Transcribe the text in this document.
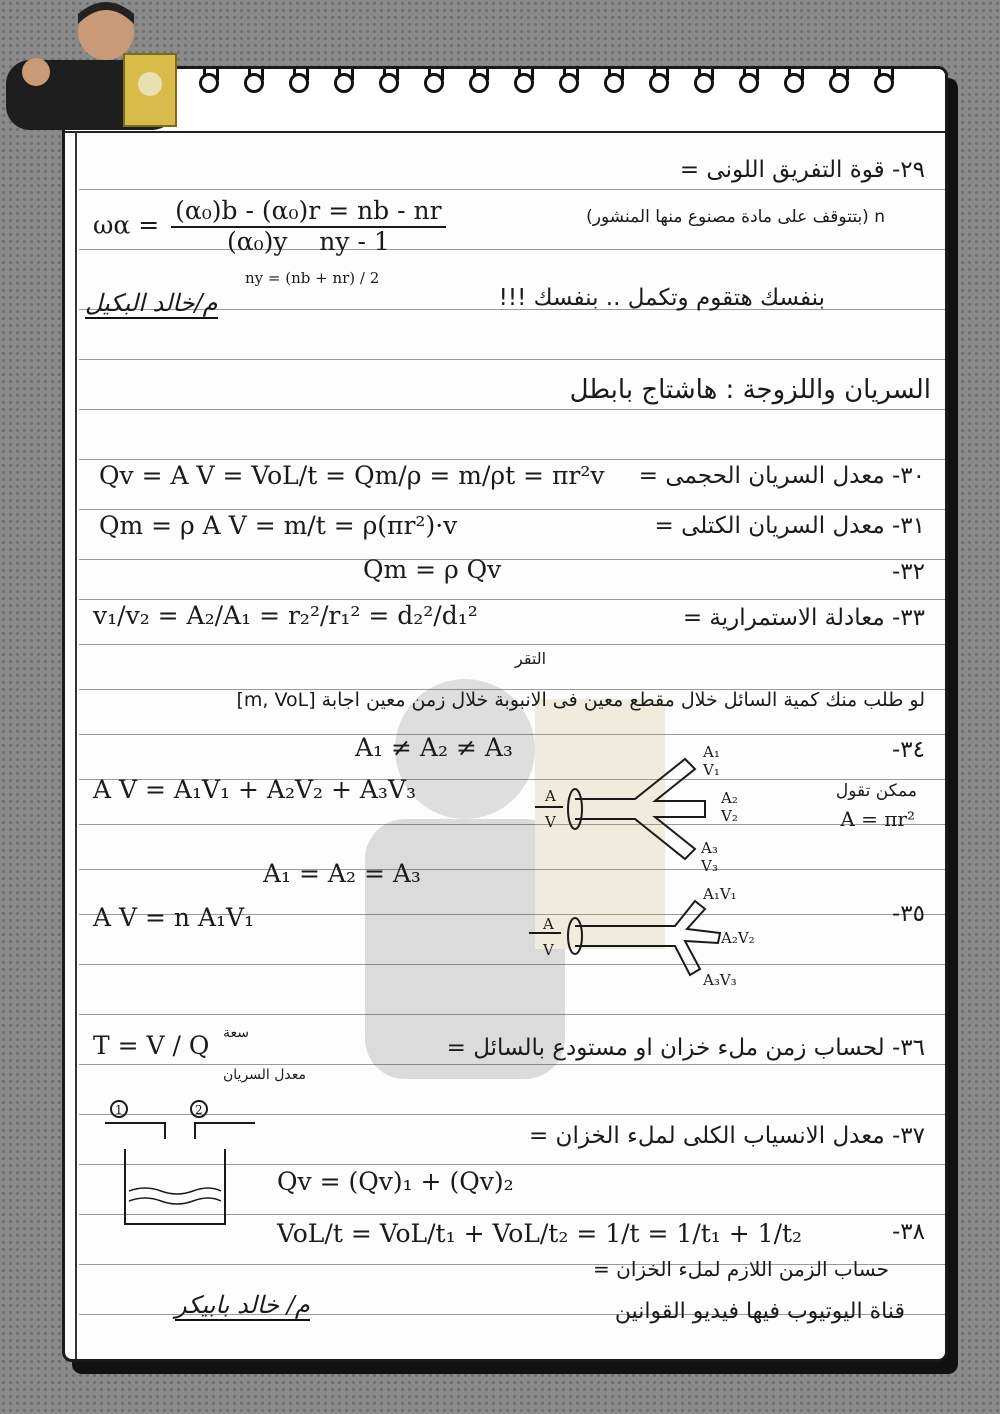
٢٩- قوة التفريق اللونى =
$\omega\alpha = \frac{\text{(α₀)b - (α₀)r = nb - nr}}{\text{(α₀)y ny - 1}}$	n (بتتوقف على مادة مصنوع منها المنشور)
ny = (nb + nr) / 2
م/خالد البكيل	بنفسك هتقوم وتكمل .. بنفسك !!!
السريان واللزوجة : هاشتاج بابطل
Qv = A V = VoL/t = Qm/ρ = m/ρt = πr²v ٣٠- معدل السريان الحجمى =
Qm = ρ A V = m/t = ρ(πr²)·v	٣١- معدل السريان الكتلى =
Qm = ρ Qv	٣٢-
v₁/v₂ = A₂/A₁ = r₂²/r₁² = d₂²/d₁²	٣٣- معادلة الاستمرارية =
التقر
لو طلب منك كمية السائل خلال مقطع معين فى الانبوبة خلال زمن معين اجابة [m, VoL]
A₁ ≠ A₂ ≠ A₃	٣٤-
A V = A₁V₁ + A₂V₂ + A₃V₃	ممكن تقول
A = πr²
A
V
A₁
V₁
A₂
V₂
A₃
V₃
A₁ = A₂ = A₃
A V = n A₁V₁	٣٥-
A
V
A₁V₁
A₂V₂
A₃V₃
T = V / Q سعة
معدل السريان
٣٦- لحساب زمن ملء خزان او مستودع بالسائل =
1	2
٣٧- معدل الانسياب الكلى لملء الخزان =
Qv = (Qv)₁ + (Qv)₂
VoL/t = VoL/t₁ + VoL/t₂ = 1/t = 1/t₁ + 1/t₂	٣٨-
حساب الزمن اللازم لملء الخزان =
م/ خالد بابيكر	قناة اليوتيوب فيها فيديو القوانين
